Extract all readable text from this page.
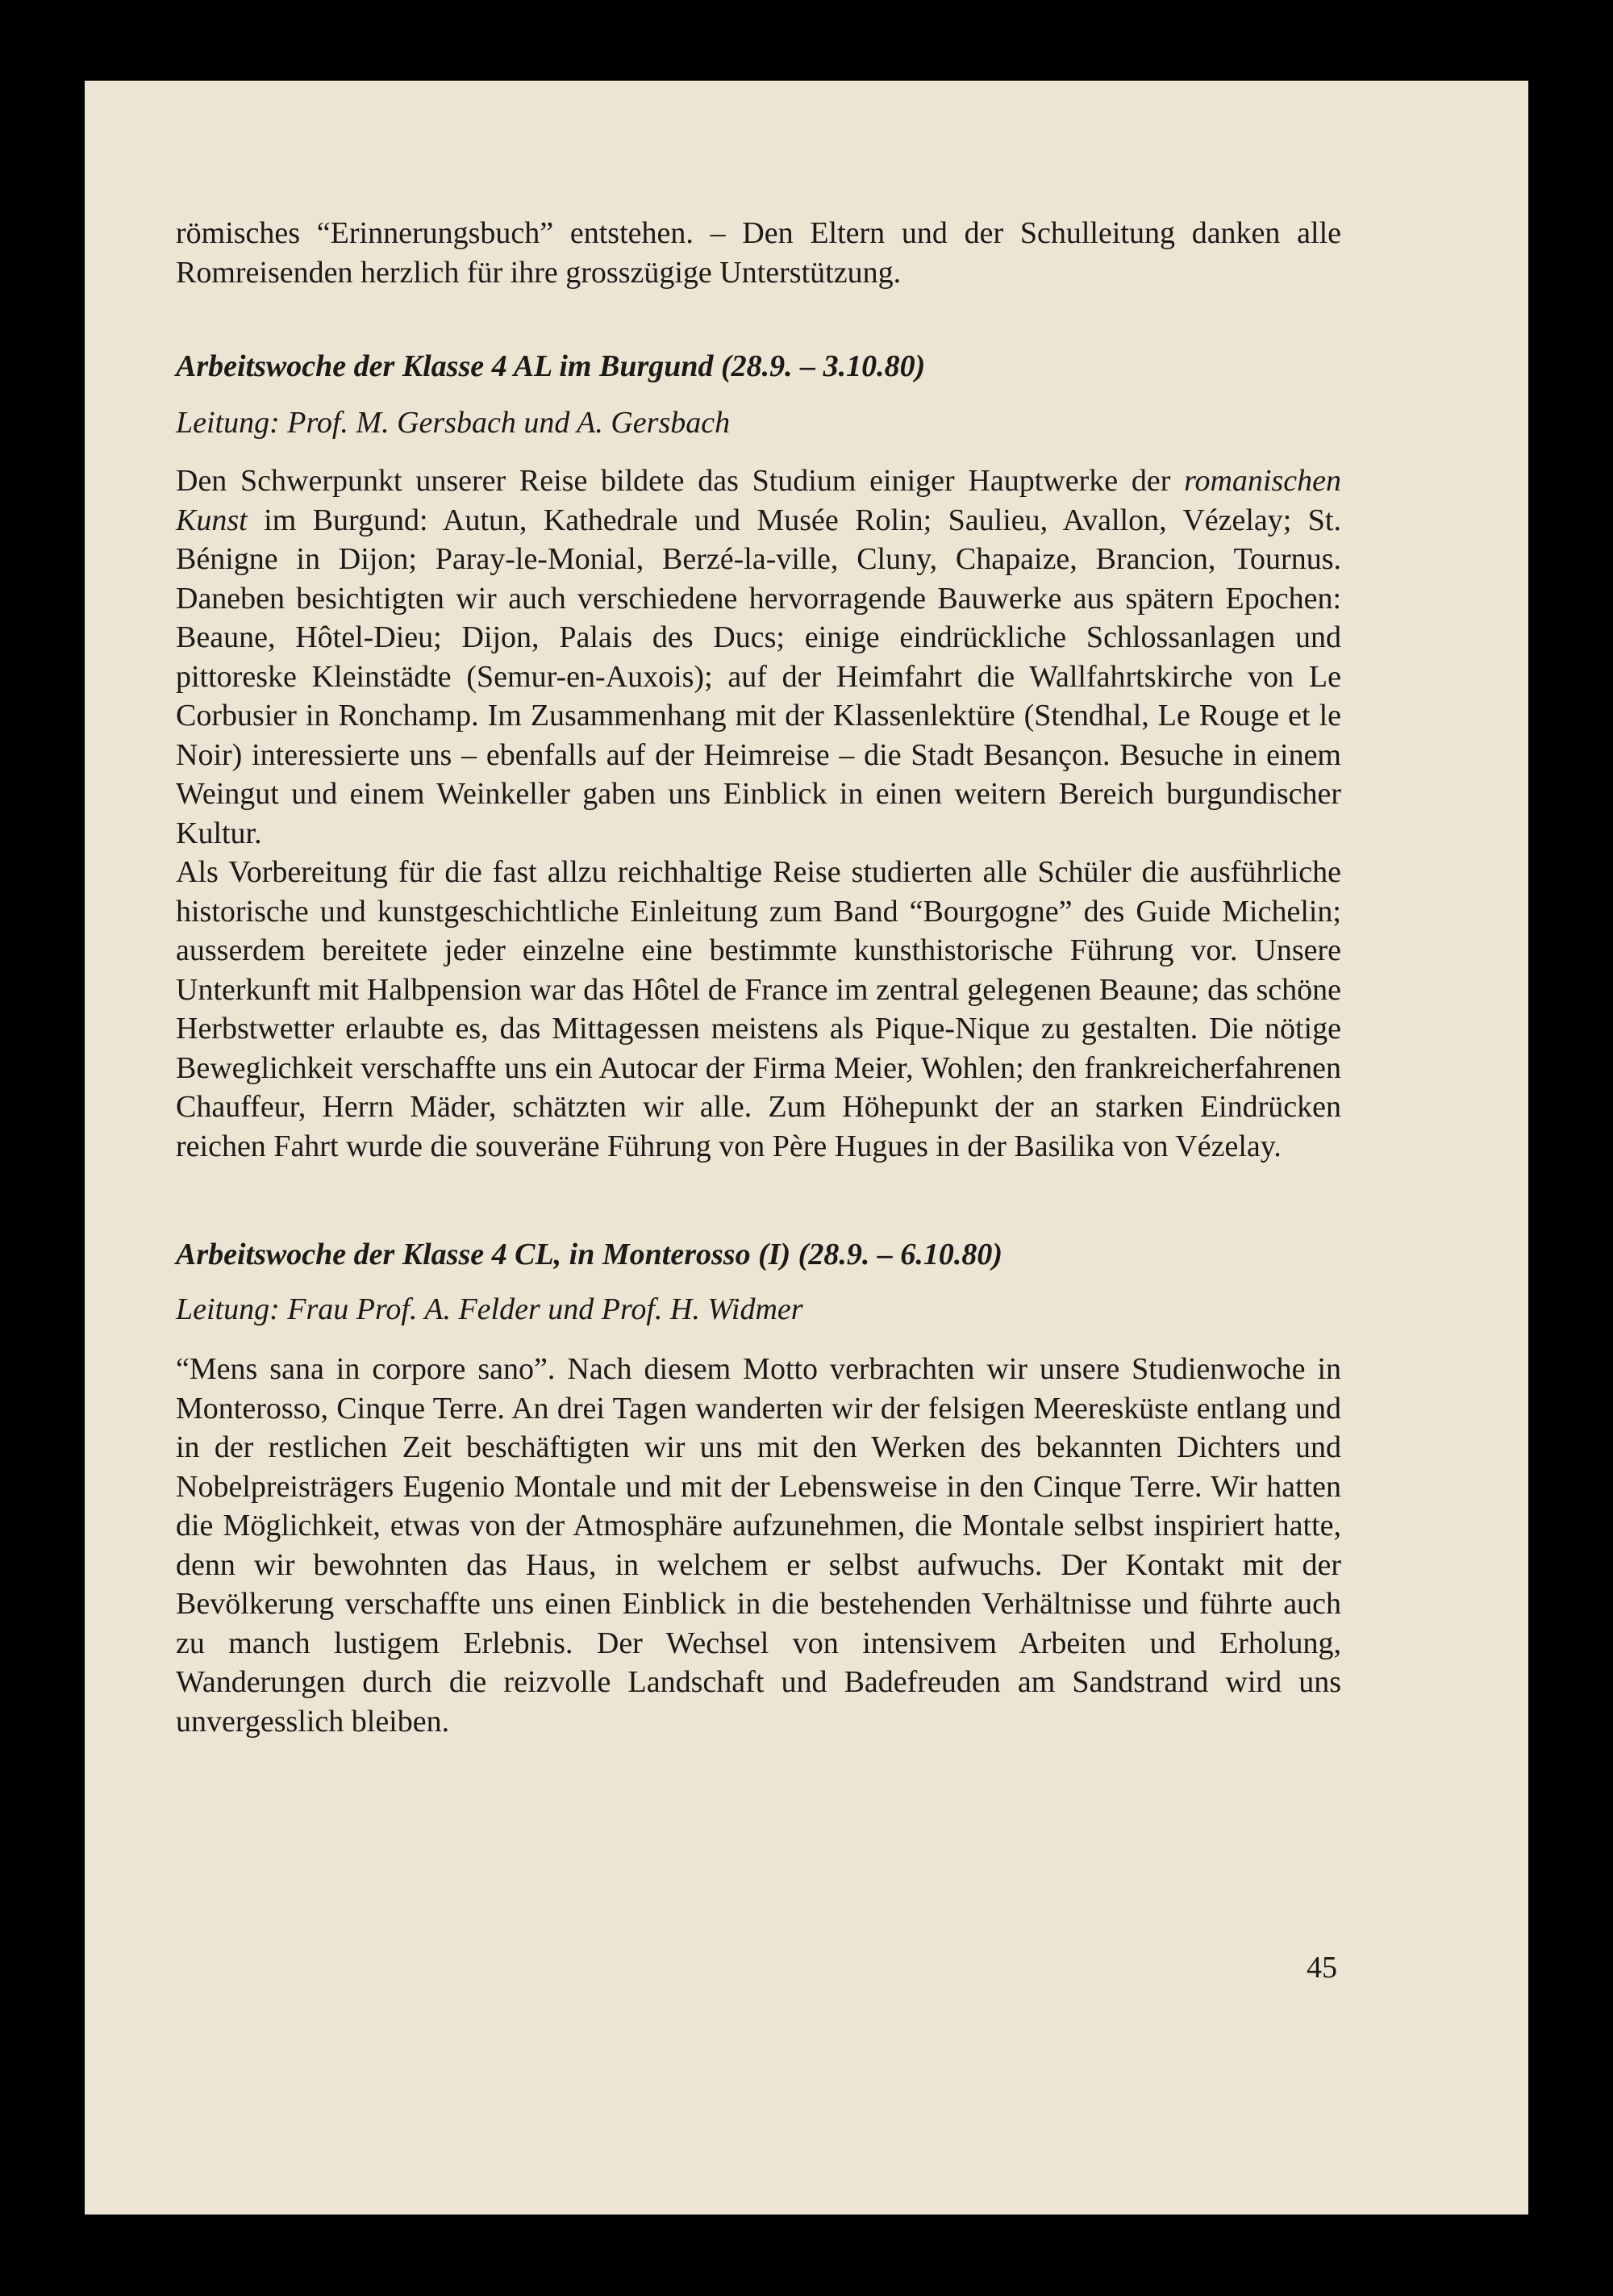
römisches “Erinnerungsbuch” entstehen. – Den Eltern und der Schulleitung danken alle Romreisenden herzlich für ihre grosszügige Unterstützung.

Arbeitswoche der Klasse 4 AL im Burgund (28.9. – 3.10.80)

Leitung: Prof. M. Gersbach und A. Gersbach

Den Schwerpunkt unserer Reise bildete das Studium einiger Hauptwerke der romanischen Kunst im Burgund: Autun, Kathedrale und Musée Rolin; Saulieu, Avallon, Vézelay; St. Bénigne in Dijon; Paray-le-Monial, Berzé-la-ville, Cluny, Chapaize, Brancion, Tournus. Daneben besichtigten wir auch verschiedene hervorragende Bauwerke aus spätern Epochen: Beaune, Hôtel-Dieu; Dijon, Palais des Ducs; einige eindrückliche Schlossanlagen und pittoreske Kleinstädte (Semur-en-Auxois); auf der Heimfahrt die Wallfahrtskirche von Le Corbusier in Ronchamp. Im Zusammenhang mit der Klassenlektüre (Stendhal, Le Rouge et le Noir) interessierte uns – ebenfalls auf der Heimreise – die Stadt Besançon. Besuche in einem Weingut und einem Weinkeller gaben uns Einblick in einen weitern Bereich burgundischer Kultur.

Als Vorbereitung für die fast allzu reichhaltige Reise studierten alle Schüler die ausführliche historische und kunstgeschichtliche Einleitung zum Band “Bourgogne” des Guide Michelin; ausserdem bereitete jeder einzelne eine bestimmte kunsthistorische Führung vor. Unsere Unterkunft mit Halbpension war das Hôtel de France im zentral gelegenen Beaune; das schöne Herbstwetter erlaubte es, das Mittagessen meistens als Pique-Nique zu gestalten. Die nötige Beweglichkeit verschaffte uns ein Autocar der Firma Meier, Wohlen; den frankreicherfahrenen Chauffeur, Herrn Mäder, schätzten wir alle. Zum Höhepunkt der an starken Eindrücken reichen Fahrt wurde die souveräne Führung von Père Hugues in der Basilika von Vézelay.

Arbeitswoche der Klasse 4 CL, in Monterosso (I) (28.9. – 6.10.80)

Leitung: Frau Prof. A. Felder und Prof. H. Widmer

“Mens sana in corpore sano”. Nach diesem Motto verbrachten wir unsere Studienwoche in Monterosso, Cinque Terre. An drei Tagen wanderten wir der felsigen Meeresküste entlang und in der restlichen Zeit beschäftigten wir uns mit den Werken des bekannten Dichters und Nobelpreisträgers Eugenio Montale und mit der Lebensweise in den Cinque Terre. Wir hatten die Möglichkeit, etwas von der Atmosphäre aufzunehmen, die Montale selbst inspiriert hatte, denn wir bewohnten das Haus, in welchem er selbst aufwuchs. Der Kontakt mit der Bevölkerung verschaffte uns einen Einblick in die bestehenden Verhältnisse und führte auch zu manch lustigem Erlebnis. Der Wechsel von intensivem Arbeiten und Erholung, Wanderungen durch die reizvolle Landschaft und Badefreuden am Sandstrand wird uns unvergesslich bleiben.

45
